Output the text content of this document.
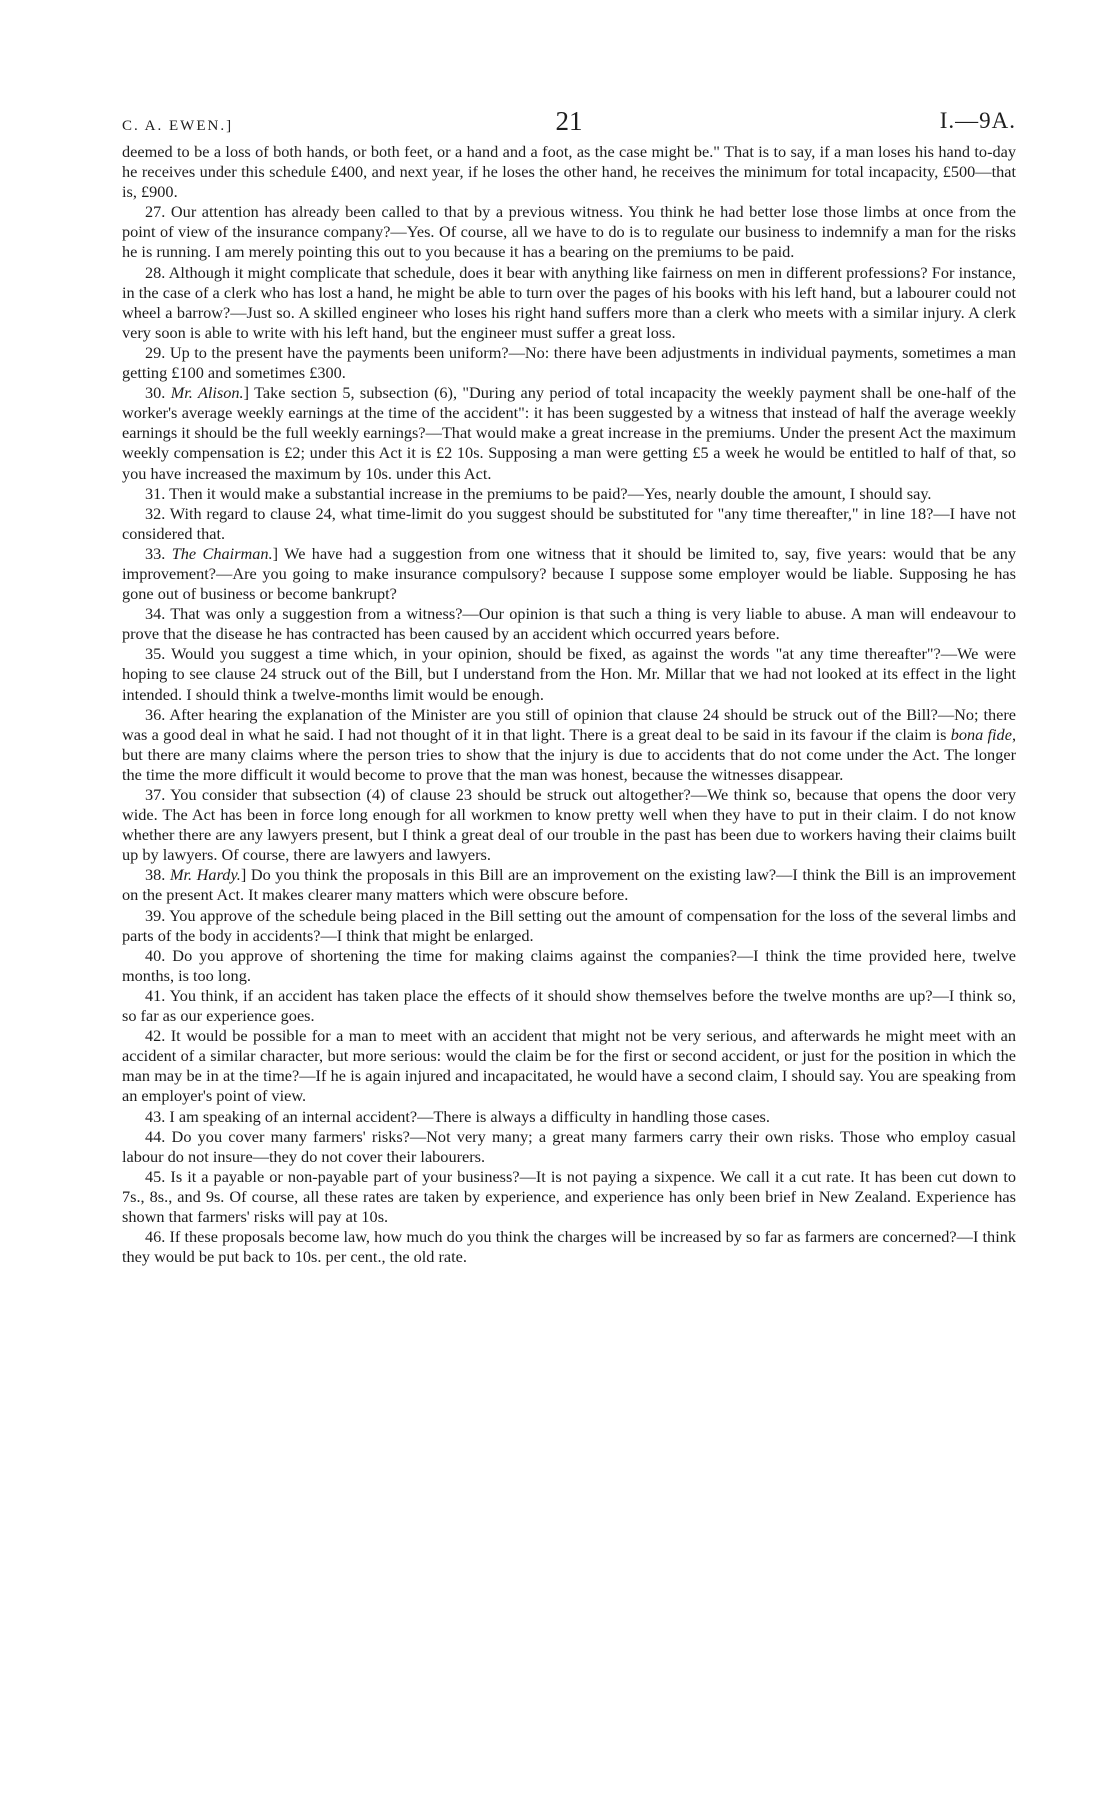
C. A. EWEN.]	21	I.—9A.

deemed to be a loss of both hands, or both feet, or a hand and a foot, as the case might be." That is to say, if a man loses his hand to-day he receives under this schedule £400, and next year, if he loses the other hand, he receives the minimum for total incapacity, £500—that is, £900.

27. Our attention has already been called to that by a previous witness. You think he had better lose those limbs at once from the point of view of the insurance company?—Yes. Of course, all we have to do is to regulate our business to indemnify a man for the risks he is running. I am merely pointing this out to you because it has a bearing on the premiums to be paid.

28. Although it might complicate that schedule, does it bear with anything like fairness on men in different professions? For instance, in the case of a clerk who has lost a hand, he might be able to turn over the pages of his books with his left hand, but a labourer could not wheel a barrow?—Just so. A skilled engineer who loses his right hand suffers more than a clerk who meets with a similar injury. A clerk very soon is able to write with his left hand, but the engineer must suffer a great loss.

29. Up to the present have the payments been uniform?—No: there have been adjustments in individual payments, sometimes a man getting £100 and sometimes £300.

30. Mr. Alison.] Take section 5, subsection (6), "During any period of total incapacity the weekly payment shall be one-half of the worker's average weekly earnings at the time of the accident": it has been suggested by a witness that instead of half the average weekly earnings it should be the full weekly earnings?—That would make a great increase in the premiums. Under the present Act the maximum weekly compensation is £2; under this Act it is £2 10s. Supposing a man were getting £5 a week he would be entitled to half of that, so you have increased the maximum by 10s. under this Act.

31. Then it would make a substantial increase in the premiums to be paid?—Yes, nearly double the amount, I should say.

32. With regard to clause 24, what time-limit do you suggest should be substituted for "any time thereafter," in line 18?—I have not considered that.

33. The Chairman.] We have had a suggestion from one witness that it should be limited to, say, five years: would that be any improvement?—Are you going to make insurance compulsory? because I suppose some employer would be liable. Supposing he has gone out of business or become bankrupt?

34. That was only a suggestion from a witness?—Our opinion is that such a thing is very liable to abuse. A man will endeavour to prove that the disease he has contracted has been caused by an accident which occurred years before.

35. Would you suggest a time which, in your opinion, should be fixed, as against the words "at any time thereafter"?—We were hoping to see clause 24 struck out of the Bill, but I understand from the Hon. Mr. Millar that we had not looked at its effect in the light intended. I should think a twelve-months limit would be enough.

36. After hearing the explanation of the Minister are you still of opinion that clause 24 should be struck out of the Bill?—No; there was a good deal in what he said. I had not thought of it in that light. There is a great deal to be said in its favour if the claim is bona fide, but there are many claims where the person tries to show that the injury is due to accidents that do not come under the Act. The longer the time the more difficult it would become to prove that the man was honest, because the witnesses disappear.

37. You consider that subsection (4) of clause 23 should be struck out altogether?—We think so, because that opens the door very wide. The Act has been in force long enough for all workmen to know pretty well when they have to put in their claim. I do not know whether there are any lawyers present, but I think a great deal of our trouble in the past has been due to workers having their claims built up by lawyers. Of course, there are lawyers and lawyers.

38. Mr. Hardy.] Do you think the proposals in this Bill are an improvement on the existing law?—I think the Bill is an improvement on the present Act. It makes clearer many matters which were obscure before.

39. You approve of the schedule being placed in the Bill setting out the amount of compensation for the loss of the several limbs and parts of the body in accidents?—I think that might be enlarged.

40. Do you approve of shortening the time for making claims against the companies?—I think the time provided here, twelve months, is too long.

41. You think, if an accident has taken place the effects of it should show themselves before the twelve months are up?—I think so, so far as our experience goes.

42. It would be possible for a man to meet with an accident that might not be very serious, and afterwards he might meet with an accident of a similar character, but more serious: would the claim be for the first or second accident, or just for the position in which the man may be in at the time?—If he is again injured and incapacitated, he would have a second claim, I should say. You are speaking from an employer's point of view.

43. I am speaking of an internal accident?—There is always a difficulty in handling those cases.

44. Do you cover many farmers' risks?—Not very many; a great many farmers carry their own risks. Those who employ casual labour do not insure—they do not cover their labourers.

45. Is it a payable or non-payable part of your business?—It is not paying a sixpence. We call it a cut rate. It has been cut down to 7s., 8s., and 9s. Of course, all these rates are taken by experience, and experience has only been brief in New Zealand. Experience has shown that farmers' risks will pay at 10s.

46. If these proposals become law, how much do you think the charges will be increased by so far as farmers are concerned?—I think they would be put back to 10s. per cent., the old rate.
